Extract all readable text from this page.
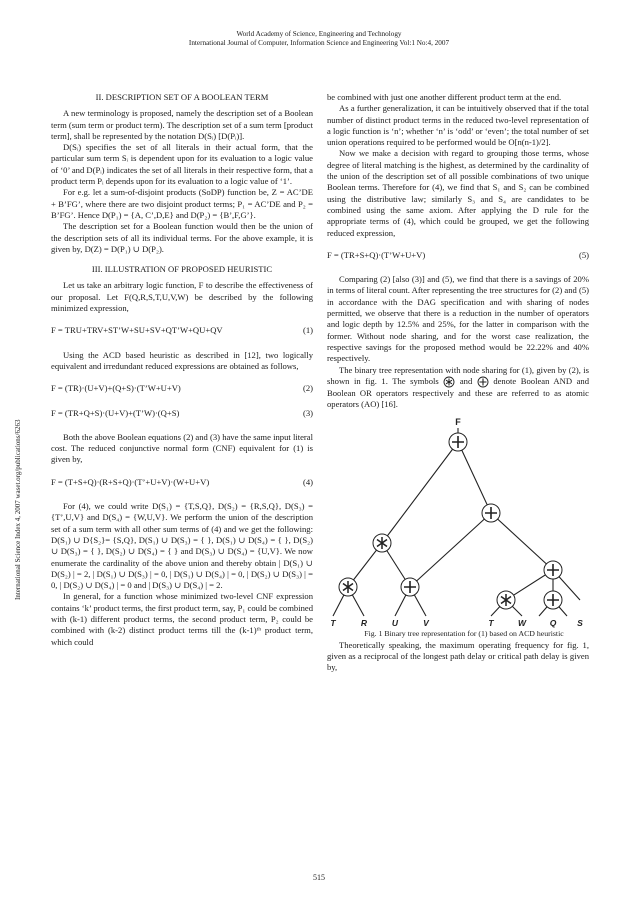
World Academy of Science, Engineering and Technology
International Journal of Computer, Information Science and Engineering Vol:1 No:4, 2007
International Science Index 4, 2007 waset.org/publications/6263

II. DESCRIPTION SET OF A BOOLEAN TERM

A new terminology is proposed, namely the description set of a Boolean term (sum term or product term). The description set of a sum term [product term], shall be represented by the notation D(Sᵢ) [D(Pᵢ)].

D(Sᵢ) specifies the set of all literals in their actual form, that the particular sum term Sᵢ is dependent upon for its evaluation to a logic value of ‘0’ and D(Pᵢ) indicates the set of all literals in their respective form, that a product term Pᵢ depends upon for its evaluation to a logic value of ‘1’.

For e.g. let a sum-of-disjoint products (SoDP) function be, Z = AC’DE + B’FG’, where there are two disjoint product terms; P₁ = AC’DE and P₂ = B’FG’. Hence D(P₁) = {A, C’,D,E} and D(P₂) = {B’,F,G’}.

The description set for a Boolean function would then be the union of the description sets of all its individual terms. For the above example, it is given by, D(Z) = D(P₁) ∪ D(P₂).

III. ILLUSTRATION OF PROPOSED HEURISTIC

Let us take an arbitrary logic function, F to describe the effectiveness of our proposal. Let F(Q,R,S,T,U,V,W) be described by the following minimized expression,

F = TRU+TRV+ST’W+SU+SV+QT’W+QU+QV	(1)

Using the ACD based heuristic as described in [12], two logically equivalent and irredundant reduced expressions are obtained as follows,

F = (TR)·(U+V)+(Q+S)·(T’W+U+V)	(2)
F = (TR+Q+S)·(U+V)+(T’W)·(Q+S)	(3)

Both the above Boolean equations (2) and (3) have the same input literal cost. The reduced conjunctive normal form (CNF) equivalent for (1) is given by,

F = (T+S+Q)·(R+S+Q)·(T’+U+V)·(W+U+V)	(4)

For (4), we could write D(S₁) = {T,S,Q}, D(S₂) = {R,S,Q}, D(S₃) = {T’,U,V} and D(S₄) = {W,U,V}. We perform the union of the description set of a sum term with all other sum terms of (4) and we get the following: D(S₁) ∪ D{S₂}= {S,Q}, D(S₁) ∪ D(S₃) = { }, D(S₁) ∪ D(S₄) = { }, D(S₂) ∪ D(S₃) = { }, D(S₂) ∪ D(S₄) = { } and D(S₃) ∪ D(S₄) = {U,V}. We now enumerate the cardinality of the above union and thereby obtain | D(S₁) ∪ D(S₂) | = 2, | D(S₁) ∪ D(S₃) | = 0, | D(S₁) ∪ D(S₄) | = 0, | D(S₂) ∪ D(S₃) | = 0, | D(S₂) ∪ D(S₄) | = 0 and | D(S₃) ∪ D(S₄) | = 2.

In general, for a function whose minimized two-level CNF expression contains ‘k’ product terms, the first product term, say, P₁ could be combined with (k-1) different product terms, the second product term, P₂ could be combined with (k-2) distinct product terms till the (k-1)ᵗʰ product term, which could

be combined with just one another different product term at the end.

As a further generalization, it can be intuitively observed that if the total number of distinct product terms in the reduced two-level representation of a logic function is ‘n’; whether ‘n’ is ‘odd’ or ‘even’; the total number of set union operations required to be performed would be O[n(n-1)/2].

Now we make a decision with regard to grouping those terms, whose degree of literal matching is the highest, as determined by the cardinality of the union of the description set of all possible combinations of two unique Boolean terms. Therefore for (4), we find that S₁ and S₂ can be combined using the distributive law; similarly S₃ and S₄ are candidates to be combined using the same axiom. After applying the D rule for the appropriate terms of (4), which could be grouped, we get the following reduced expression,

F = (TR+S+Q)·(T’W+U+V)	(5)

Comparing (2) [also (3)] and (5), we find that there is a savings of 20% in terms of literal count. After representing the tree structures for (2) and (5) in accordance with the DAG specification and with sharing of nodes permitted, we observe that there is a reduction in the number of operators and logic depth by 12.5% and 25%, for the latter in comparison with the former. Without node sharing, and for the worst case realization, the respective savings for the proposed method would be 22.22% and 40% respectively.

The binary tree representation with node sharing for (1), given by (2), is shown in fig. 1. The symbols and denote Boolean AND and Boolean OR operators respectively and these are referred to as atomic operators (AO) [16].

F
T	R	U	V	T	W	Q S

Fig. 1 Binary tree representation for (1) based on ACD heuristic

Theoretically speaking, the maximum operating frequency for fig. 1, given as a reciprocal of the longest path delay or critical path delay is given by,

515
